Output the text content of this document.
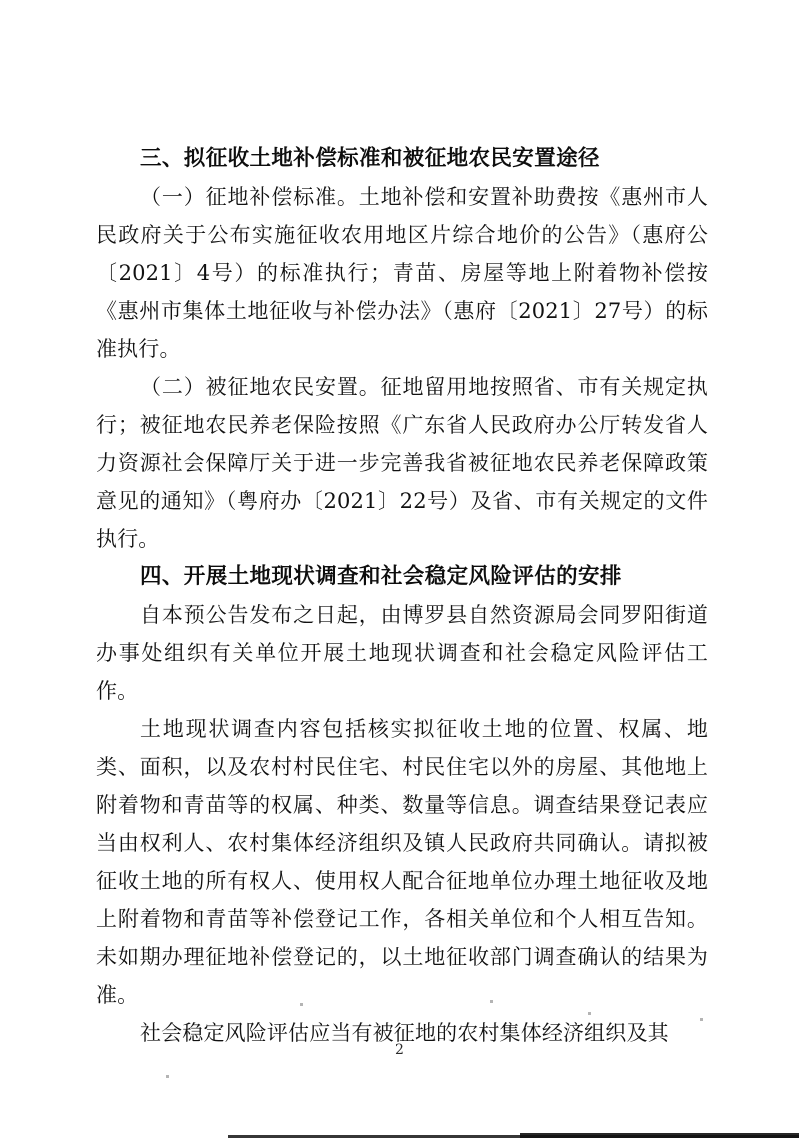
三、拟征收土地补偿标准和被征地农民安置途径

（一）征地补偿标准。土地补偿和安置补助费按《惠州市人民政府关于公布实施征收农用地区片综合地价的公告》（惠府公〔2021〕4号）的标准执行；青苗、房屋等地上附着物补偿按《惠州市集体土地征收与补偿办法》（惠府〔2021〕27号）的标准执行。

（二）被征地农民安置。征地留用地按照省、市有关规定执行；被征地农民养老保险按照《广东省人民政府办公厅转发省人力资源社会保障厅关于进一步完善我省被征地农民养老保障政策意见的通知》（粤府办〔2021〕22号）及省、市有关规定的文件执行。

四、开展土地现状调查和社会稳定风险评估的安排

自本预公告发布之日起，由博罗县自然资源局会同罗阳街道办事处组织有关单位开展土地现状调查和社会稳定风险评估工作。

土地现状调查内容包括核实拟征收土地的位置、权属、地类、面积，以及农村村民住宅、村民住宅以外的房屋、其他地上附着物和青苗等的权属、种类、数量等信息。调查结果登记表应当由权利人、农村集体经济组织及镇人民政府共同确认。请拟被征收土地的所有权人、使用权人配合征地单位办理土地征收及地上附着物和青苗等补偿登记工作，各相关单位和个人相互告知。未如期办理征地补偿登记的，以土地征收部门调查确认的结果为准。

社会稳定风险评估应当有被征地的农村集体经济组织及其

2
